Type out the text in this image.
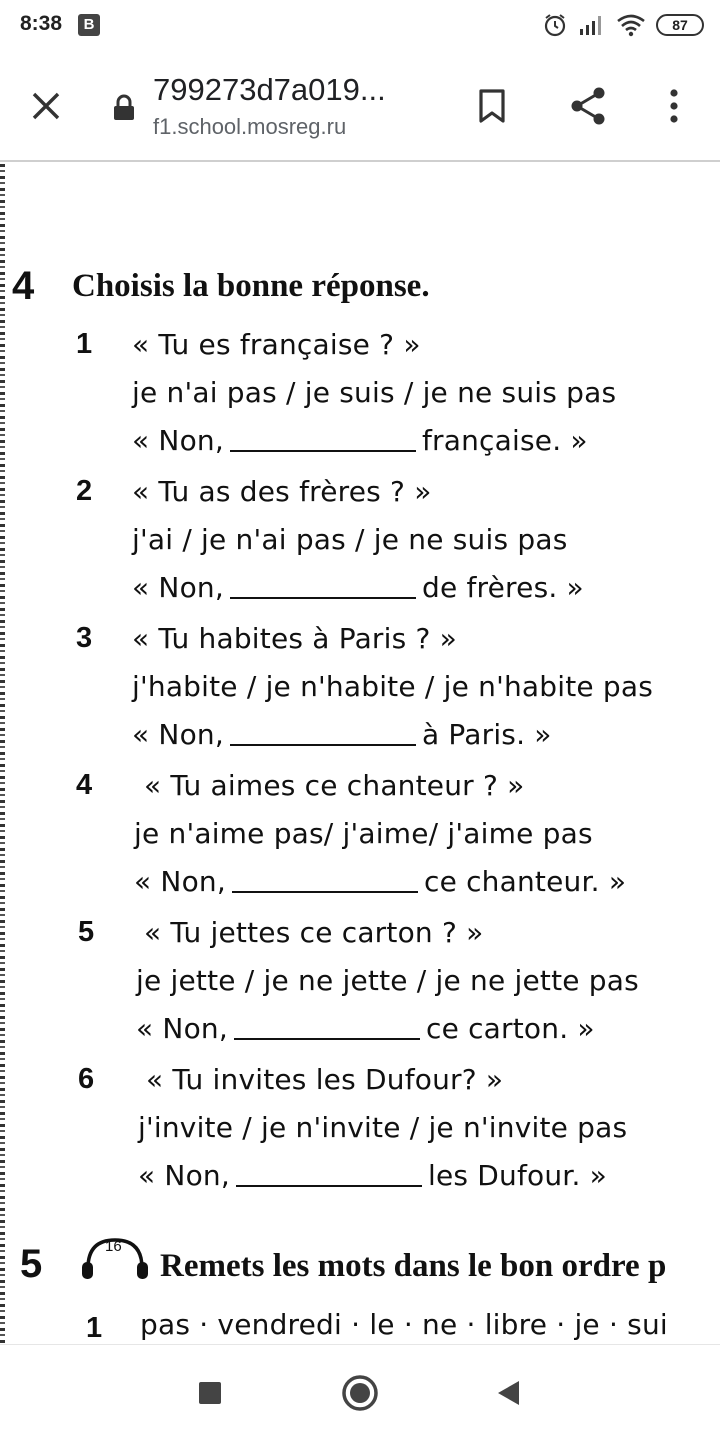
8:38	B	87
799273d7a019...
f1.school.mosreg.ru
4 Choisis la bonne réponse.
1 « Tu es française ? »
je n'ai pas / je suis / je ne suis pas
« Non,	française. »
2 « Tu as des frères ? »
j'ai / je n'ai pas / je ne suis pas
« Non,	de frères. »
3 « Tu habites à Paris ? »
j'habite / je n'habite / je n'habite pas
« Non,	à Paris. »
4 « Tu aimes ce chanteur ? »
je n'aime pas/ j'aime/ j'aime pas
« Non,	ce chanteur. »
5 « Tu jettes ce carton ? »
je jette / je ne jette / je ne jette pas
« Non,	ce carton. »
6 « Tu invites les Dufour? »
j'invite / je n'invite / je n'invite pas
« Non,	les Dufour. »
5	16
Remets les mots dans le bon ordre p
1 pas · vendredi · le · ne · libre · je · sui
